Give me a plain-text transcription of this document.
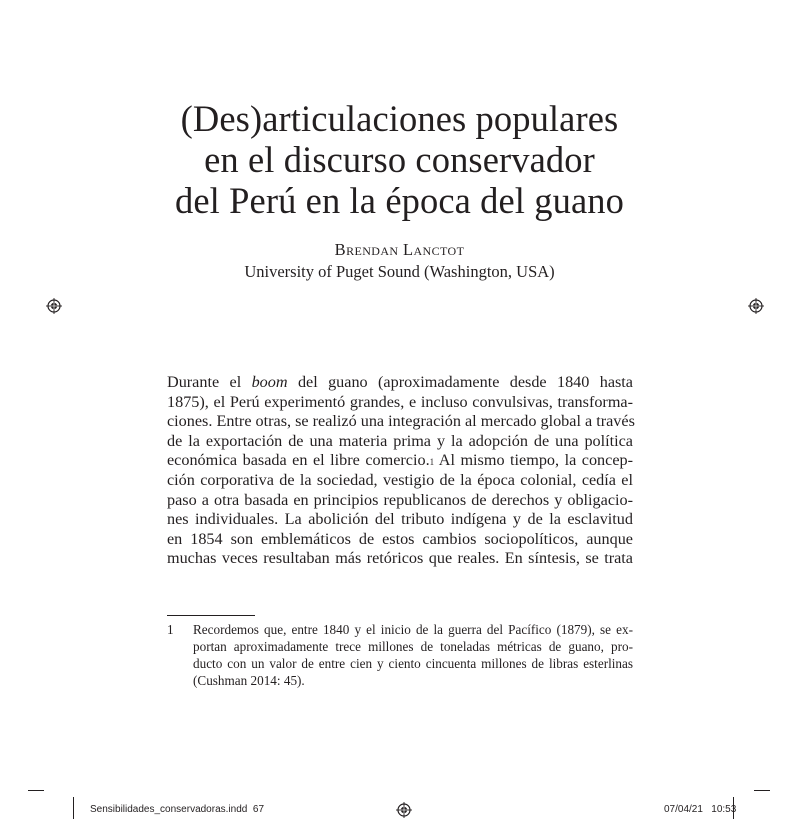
(Des)articulaciones populares
en el discurso conservador
del Perú en la época del guano
Brendan Lanctot
University of Puget Sound (Washington, USA)
Durante el boom del guano (aproximadamente desde 1840 hasta
1875), el Perú experimentó grandes, e incluso convulsivas, transforma-
ciones. Entre otras, se realizó una integración al mercado global a través
de la exportación de una materia prima y la adopción de una política
económica basada en el libre comercio.$^1$ Al mismo tiempo, la concep-
ción corporativa de la sociedad, vestigio de la época colonial, cedía el
paso a otra basada en principios republicanos de derechos y obligacio-
nes individuales. La abolición del tributo indígena y de la esclavitud
en 1854 son emblemáticos de estos cambios sociopolíticos, aunque
muchas veces resultaban más retóricos que reales. En síntesis, se trata
1 Recordemos que, entre 1840 y el inicio de la guerra del Pacífico (1879), se ex-
portan aproximadamente trece millones de toneladas métricas de guano, pro-
ducto con un valor de entre cien y ciento cincuenta millones de libras esterlinas
(Cushman 2014: 45).
Sensibilidades_conservadoras.indd 67	07/04/21 10:53
